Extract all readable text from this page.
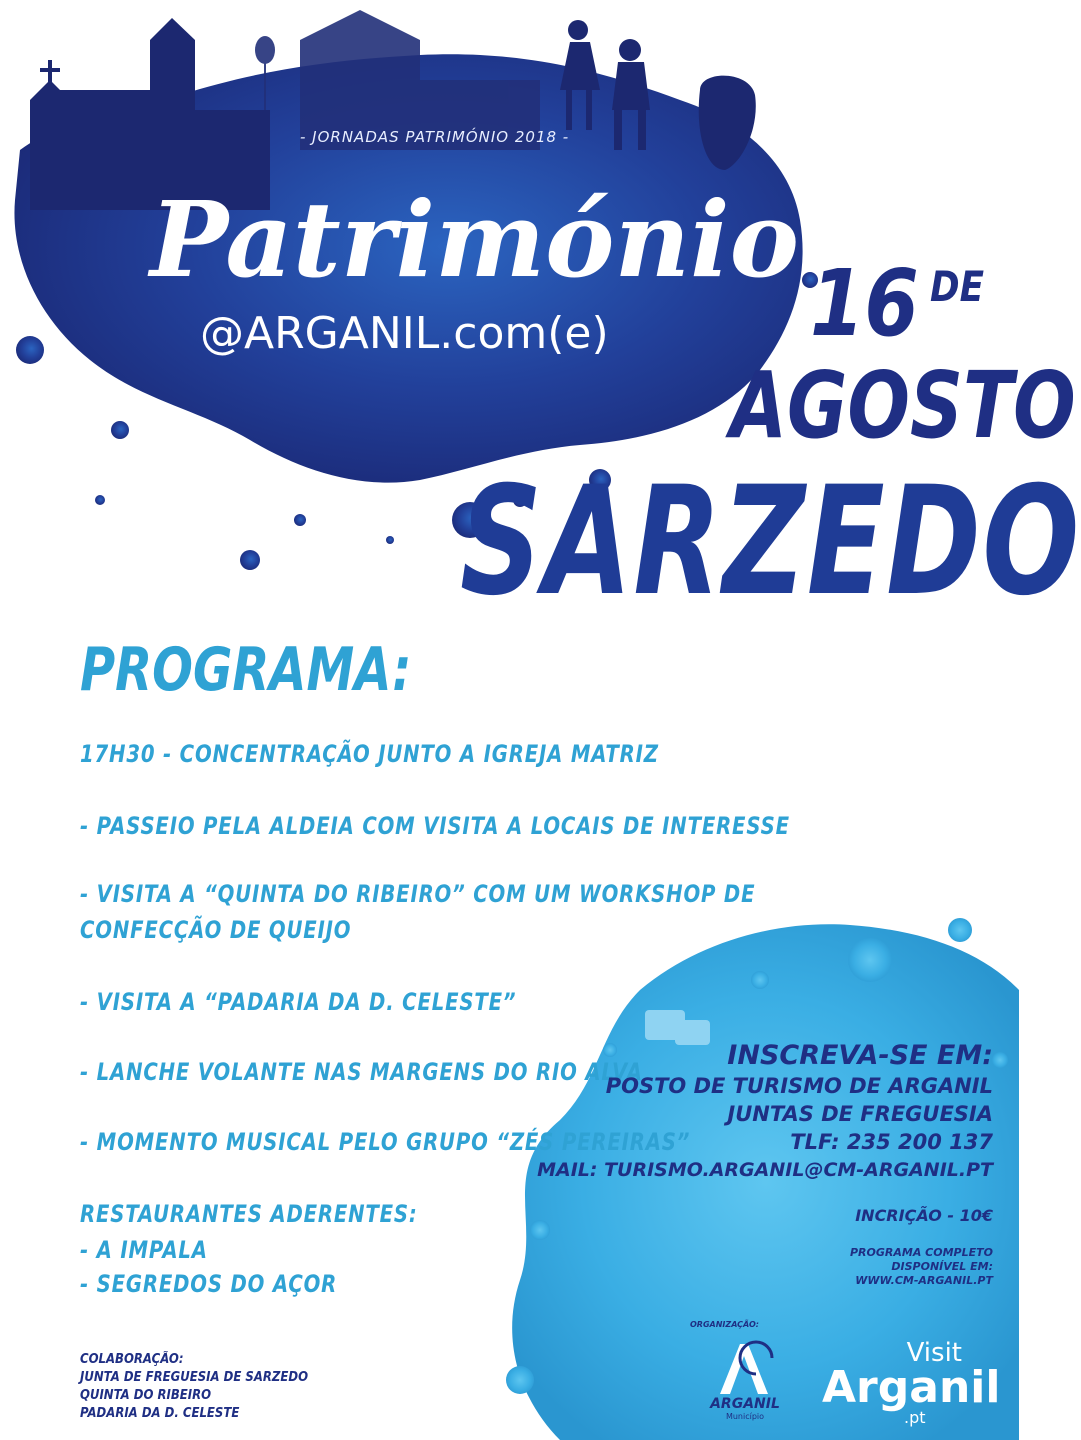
- JORNADAS PATRIMÓNIO 2018 -
Património
@ARGANIL.com(e) 16 DE
AGOSTO
SARZEDO
PROGRAMA:
17H30 - CONCENTRAÇÃO JUNTO A IGREJA MATRIZ
- PASSEIO PELA ALDEIA COM VISITA A LOCAIS DE INTERESSE
- VISITA A “QUINTA DO RIBEIRO” COM UM WORKSHOP DE
CONFECÇÃO DE QUEIJO
- VISITA A “PADARIA DA D. CELESTE”
- LANCHE VOLANTE NAS MARGENS DO RIO ALVA
- MOMENTO MUSICAL PELO GRUPO “ZÉS PEREIRAS”
RESTAURANTES ADERENTES:
- A IMPALA
- SEGREDOS DO AÇOR
COLABORAÇÃO:
JUNTA DE FREGUESIA DE SARZEDO
QUINTA DO RIBEIRO
PADARIA DA D. CELESTE
INSCREVA-SE EM:
POSTO DE TURISMO DE ARGANIL
JUNTAS DE FREGUESIA
TLF: 235 200 137
MAIL: TURISMO.ARGANIL@CM-ARGANIL.PT
INCRIÇÃO - 10€
PROGRAMA COMPLETO
DISPONÍVEL EM:
WWW.CM-ARGANIL.PT
ORGANIZAÇÃO:
ARGANIL
Município
Visit
Arganil
.pt
